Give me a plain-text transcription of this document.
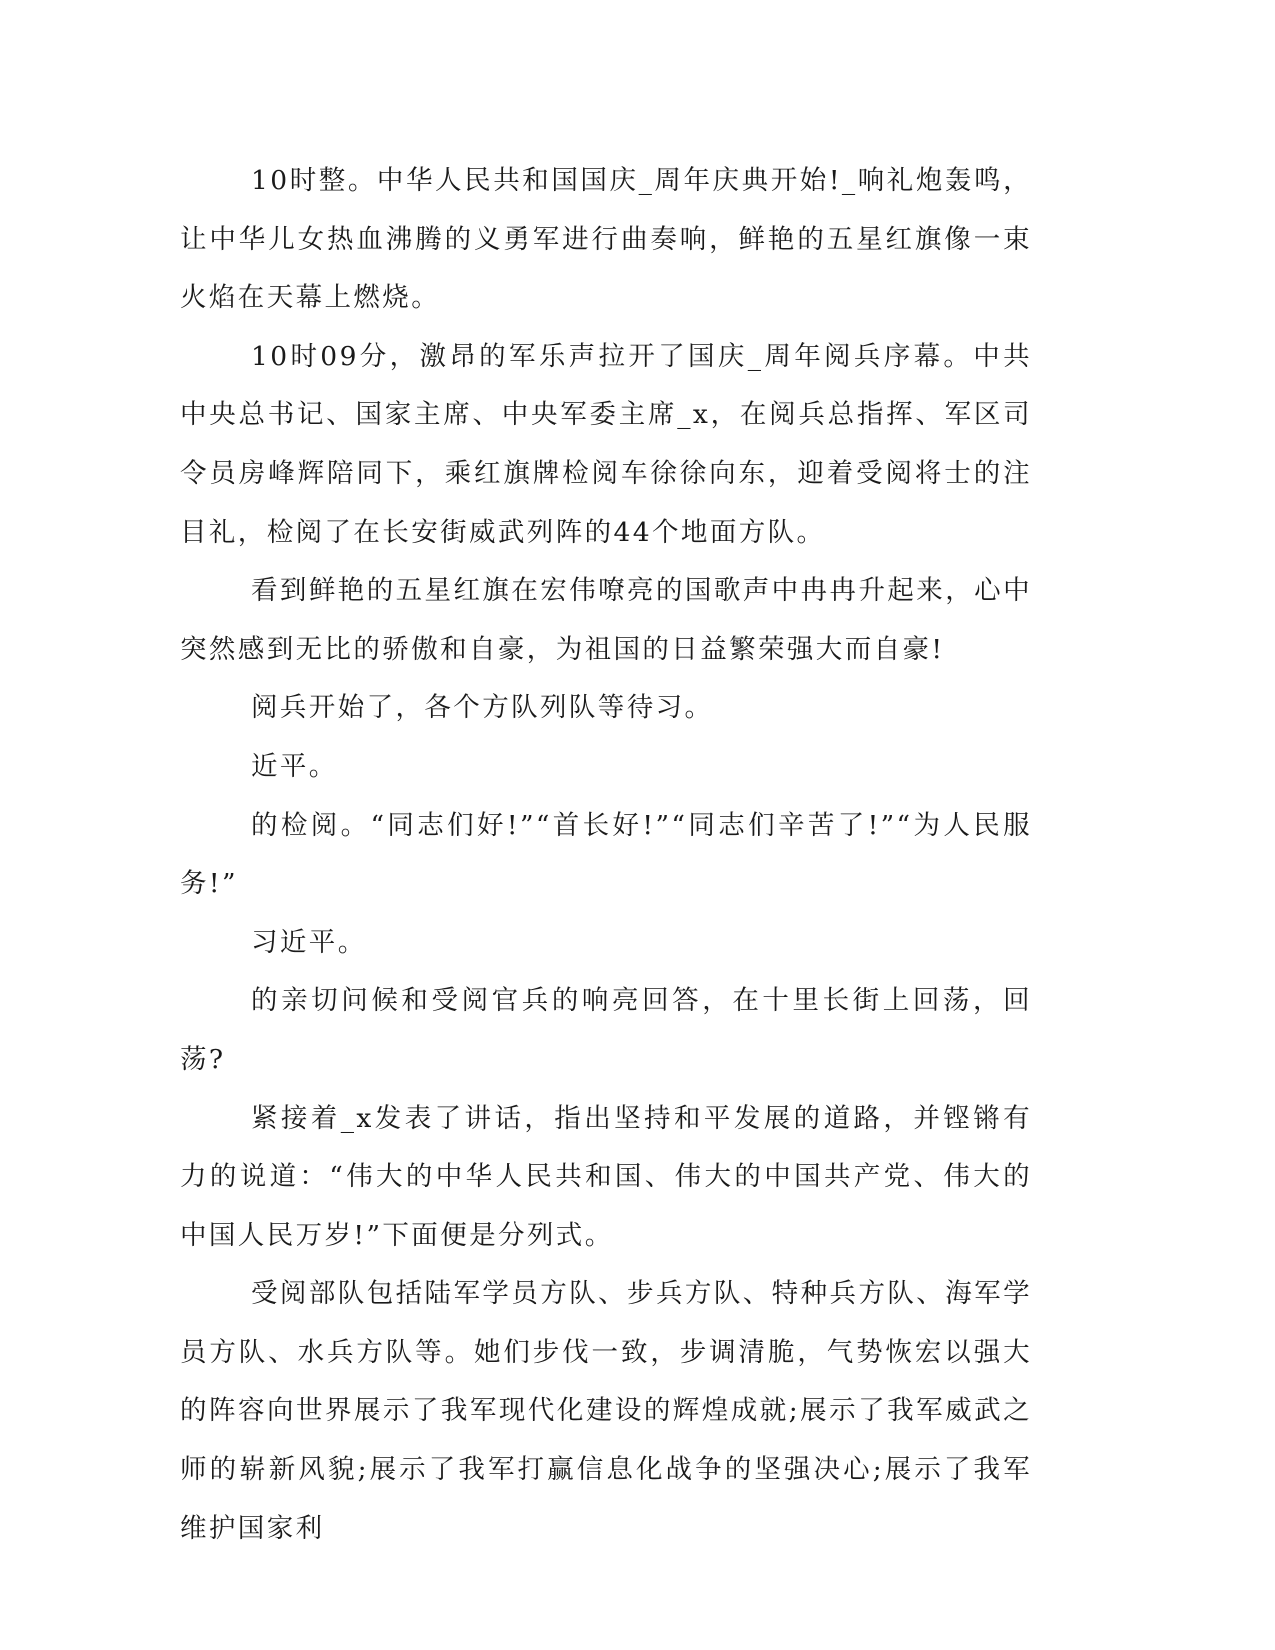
10时整。中华人民共和国国庆_周年庆典开始!_响礼炮轰鸣，让中华儿女热血沸腾的义勇军进行曲奏响，鲜艳的五星红旗像一束火焰在天幕上燃烧。

10时09分，激昂的军乐声拉开了国庆_周年阅兵序幕。中共中央总书记、国家主席、中央军委主席_x，在阅兵总指挥、军区司令员房峰辉陪同下，乘红旗牌检阅车徐徐向东，迎着受阅将士的注目礼，检阅了在长安街威武列阵的44个地面方队。

看到鲜艳的五星红旗在宏伟嘹亮的国歌声中冉冉升起来，心中突然感到无比的骄傲和自豪，为祖国的日益繁荣强大而自豪!

阅兵开始了，各个方队列队等待习。

近平。

的检阅。“同志们好!”“首长好!”“同志们辛苦了!”“为人民服务!”

习近平。

的亲切问候和受阅官兵的响亮回答，在十里长街上回荡，回荡?

紧接着_x发表了讲话，指出坚持和平发展的道路，并铿锵有力的说道：“伟大的中华人民共和国、伟大的中国共产党、伟大的中国人民万岁!”下面便是分列式。

受阅部队包括陆军学员方队、步兵方队、特种兵方队、海军学员方队、水兵方队等。她们步伐一致，步调清脆，气势恢宏以强大的阵容向世界展示了我军现代化建设的辉煌成就;展示了我军威武之师的崭新风貌;展示了我军打赢信息化战争的坚强决心;展示了我军维护国家利
